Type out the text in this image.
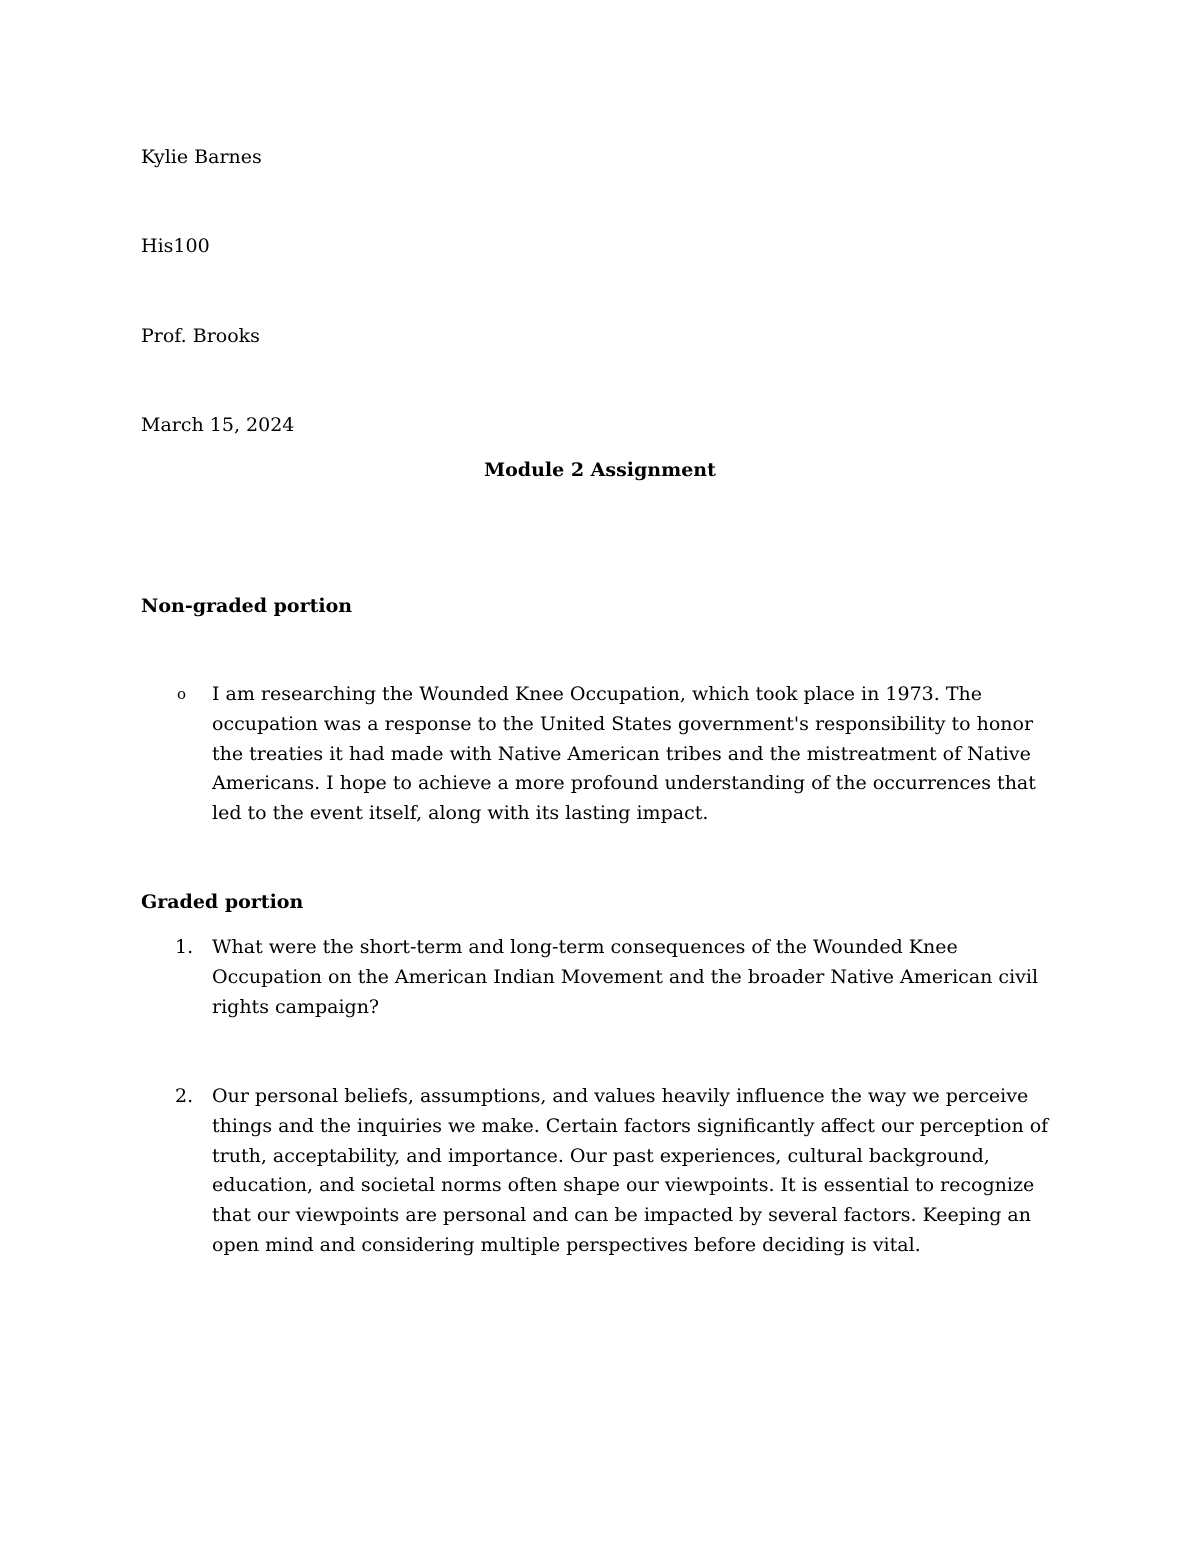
Kylie Barnes

His100

Prof. Brooks

March 15, 2024

Module 2 Assignment
Non-graded portion
o I am researching the Wounded Knee Occupation, which took place in 1973. The occupation was a response to the United States government's responsibility to honor the treaties it had made with Native American tribes and the mistreatment of Native Americans. I hope to achieve a more profound understanding of the occurrences that led to the event itself, along with its lasting impact.
Graded portion
1. What were the short-term and long-term consequences of the Wounded Knee Occupation on the American Indian Movement and the broader Native American civil rights campaign?
2. Our personal beliefs, assumptions, and values heavily influence the way we perceive things and the inquiries we make. Certain factors significantly affect our perception of truth, acceptability, and importance. Our past experiences, cultural background, education, and societal norms often shape our viewpoints. It is essential to recognize that our viewpoints are personal and can be impacted by several factors. Keeping an open mind and considering multiple perspectives before deciding is vital.
